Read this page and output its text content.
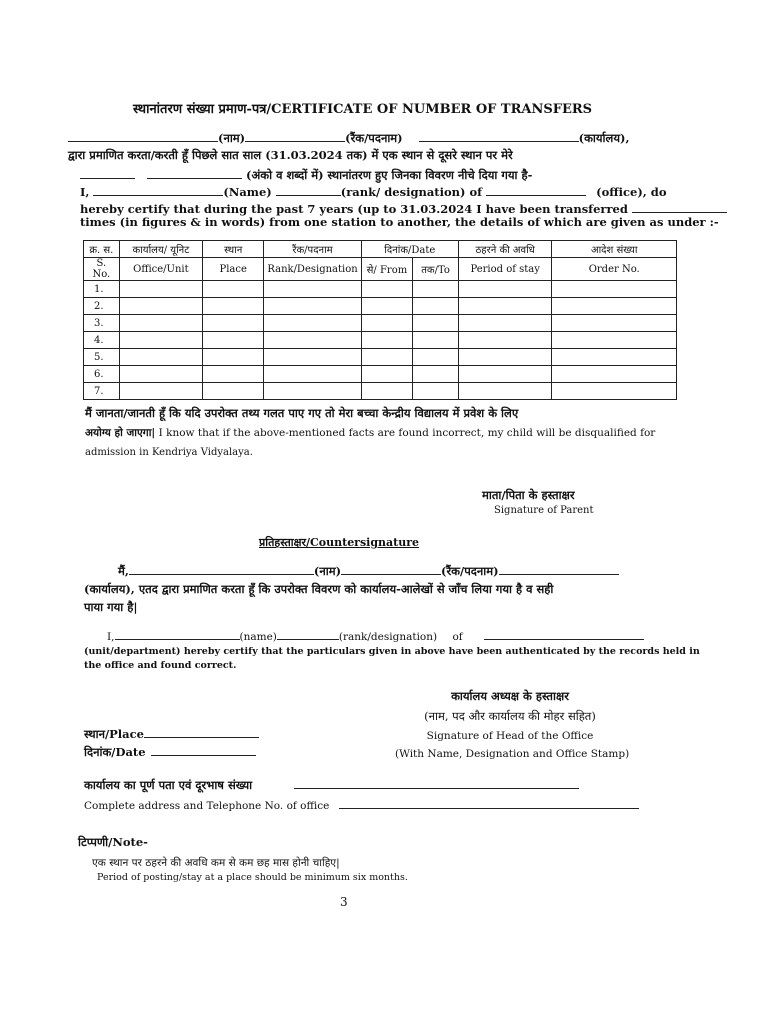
स्थानांतरण संख्या प्रमाण-पत्र/CERTIFICATE OF NUMBER OF TRANSFERS
(नाम)	(रैंक/पदनाम)	(कार्यालय),
द्वारा प्रमाणित करता/करती हूँ पिछले सात साल (31.03.2024 तक) में एक स्थान से दूसरे स्थान पर मेरे
(अंको व शब्दों में) स्थानांतरण हुए जिनका विवरण नीचे दिया गया है-
I,	(Name)	(rank/ designation) of	(office), do
hereby certify that during the past 7 years (up to 31.03.2024 I have been transferred
times (in figures & in words) from one station to another, the details of which are given as under :-
क्र. स.	कार्यालय/ यूनिट	स्थान	रैंक/पदनाम	दिनांक/Date		ठहरने की अवधि	आदेश संख्या
S. No.	Office/Unit	Place	Rank/Designation	से/ From	तक/To	Period of stay	Order No.
1.							
2.							
3.							
4.							
5.							
6.							
7.							
मैं जानता/जानती हूँ कि यदि उपरोक्त तथ्य गलत पाए गए तो मेरा बच्चा केन्द्रीय विद्यालय में प्रवेश के लिए
अयोग्य हो जाएगा| I know that if the above-mentioned facts are found incorrect, my child will be disqualified for
admission in Kendriya Vidyalaya.
माता/पिता के हस्ताक्षर
Signature of Parent
प्रतिहस्ताक्षर/Countersignature
मैं,	(नाम)	(रैंक/पदनाम)
(कार्यालय), एतद द्वारा प्रमाणित करता हूँ कि उपरोक्त विवरण को कार्यालय-आलेखों से जाँच लिया गया है व सही
पाया गया है|
I,	(name)	(rank/designation) of
(unit/department) hereby certify that the particulars given in above have been authenticated by the records held in
the office and found correct.
कार्यालय अध्यक्ष के हस्ताक्षर
(नाम, पद और कार्यालय की मोहर सहित)
Signature of Head of the Office
(With Name, Designation and Office Stamp)
स्थान/Place
दिनांक/Date
कार्यालय का पूर्ण पता एवं दूरभाष संख्या
Complete address and Telephone No. of office
टिप्पणी/Note-
एक स्थान पर ठहरने की अवधि कम से कम छह मास होनी चाहिए|
Period of posting/stay at a place should be minimum six months.
3
